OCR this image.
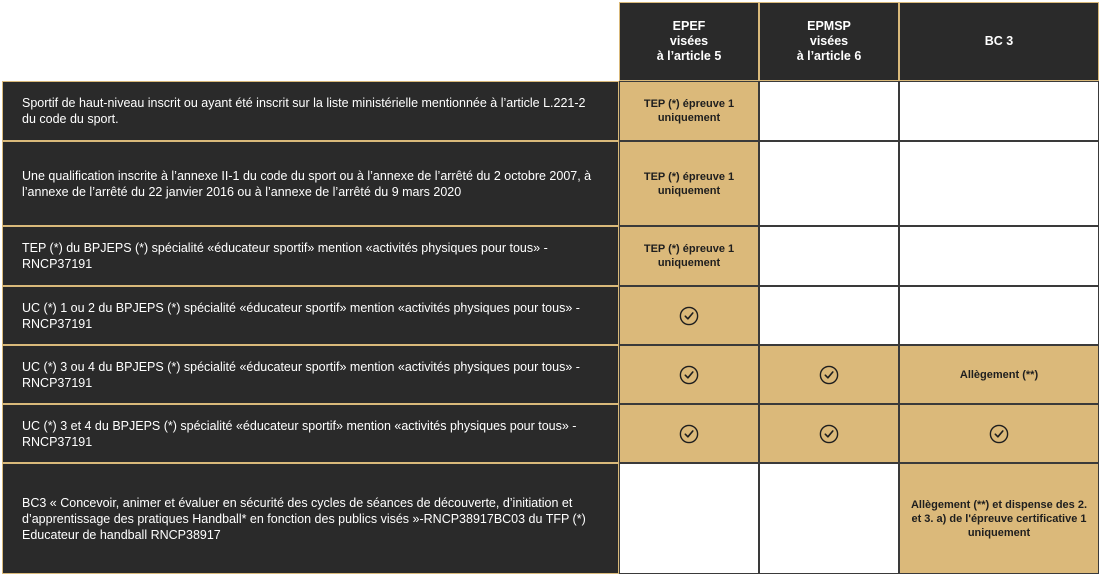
EPEF
visées
à l’article 5
EPMSP
visées
à l’article 6
BC 3
Sportif de haut-niveau inscrit ou ayant été inscrit sur la liste ministérielle mentionnée à l’article L.221-2 du code du sport.
TEP (*) épreuve 1 uniquement
Une qualification inscrite à l’annexe II-1 du code du sport ou à l’annexe de l’arrêté du 2 octobre 2007, à l’annexe de l’arrêté du 22 janvier 2016 ou à l’annexe de l’arrêté du 9 mars 2020
TEP (*) épreuve 1 uniquement
TEP (*) du BPJEPS (*) spécialité «éducateur sportif» mention «activités physiques pour tous» - RNCP37191
TEP (*) épreuve 1 uniquement
UC (*) 1 ou 2 du BPJEPS (*) spécialité «éducateur sportif» mention «activités physiques pour tous» - RNCP37191
UC (*) 3 ou 4 du BPJEPS (*) spécialité «éducateur sportif» mention «activités physiques pour tous» - RNCP37191
Allègement (**)
UC (*) 3 et 4 du BPJEPS (*) spécialité «éducateur sportif» mention «activités physiques pour tous» - RNCP37191
BC3 « Concevoir, animer et évaluer en sécurité des cycles de séances de découverte, d’initiation et d’apprentissage des pratiques Handball* en fonction des publics visés »-RNCP38917BC03 du TFP (*) Educateur de handball RNCP38917
Allègement (**) et dispense des 2. et 3. a) de l'épreuve certificative 1 uniquement
